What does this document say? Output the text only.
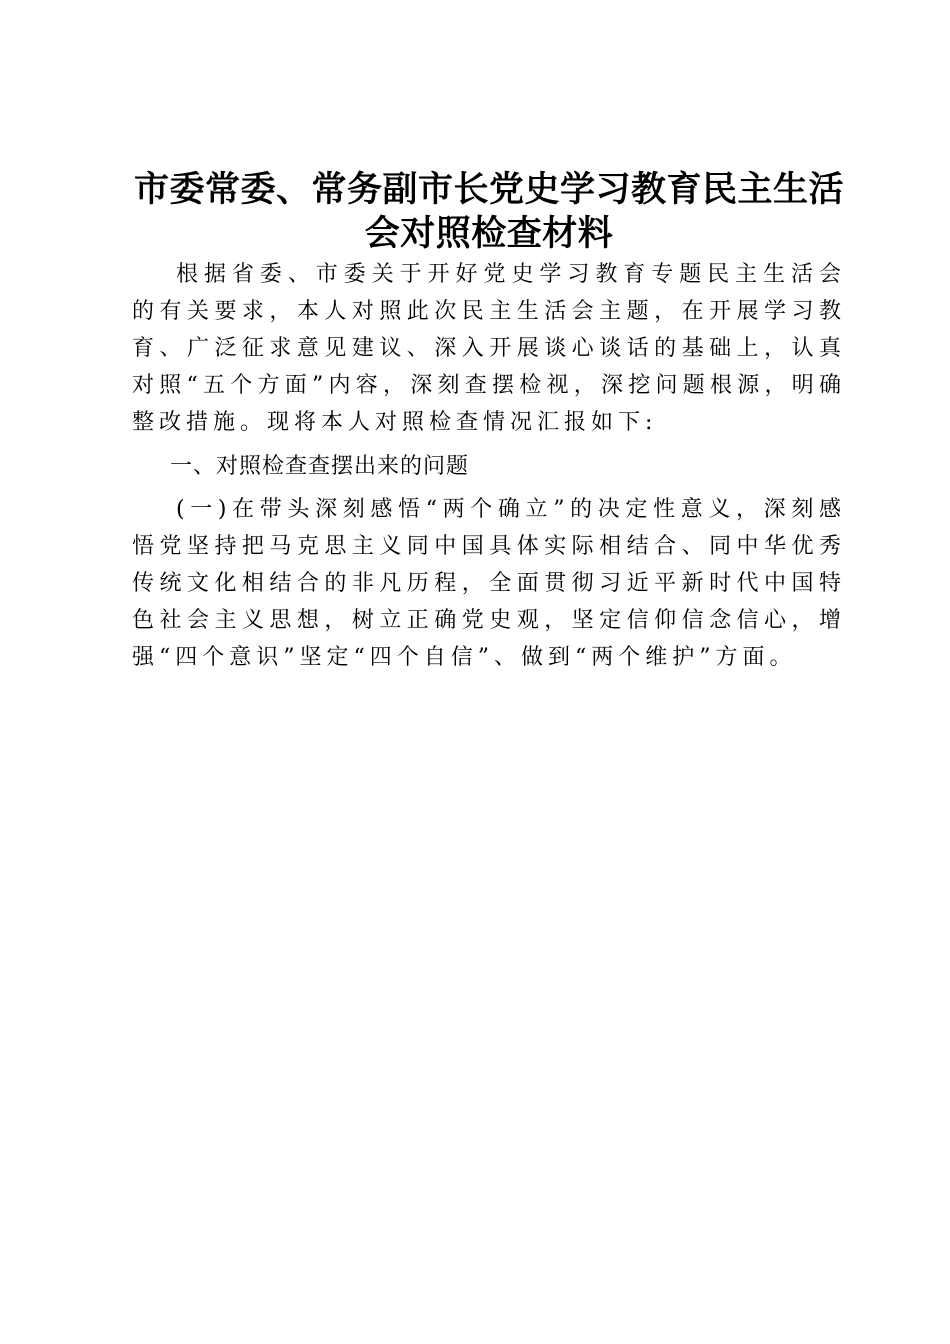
市委常委、常务副市长党史学习教育民主生活会对照检查材料

根据省委、市委关于开好党史学习教育专题民主生活会的有关要求，本人对照此次民主生活会主题，在开展学习教育、广泛征求意见建议、深入开展谈心谈话的基础上，认真对照“五个方面”内容，深刻查摆检视，深挖问题根源，明确整改措施。现将本人对照检查情况汇报如下:

一、对照检查查摆出来的问题

(一)在带头深刻感悟“两个确立”的决定性意义，深刻感悟党坚持把马克思主义同中国具体实际相结合、同中华优秀传统文化相结合的非凡历程，全面贯彻习近平新时代中国特色社会主义思想，树立正确党史观，坚定信仰信念信心，增强“四个意识”坚定“四个自信”、做到“两个维护”方面。
